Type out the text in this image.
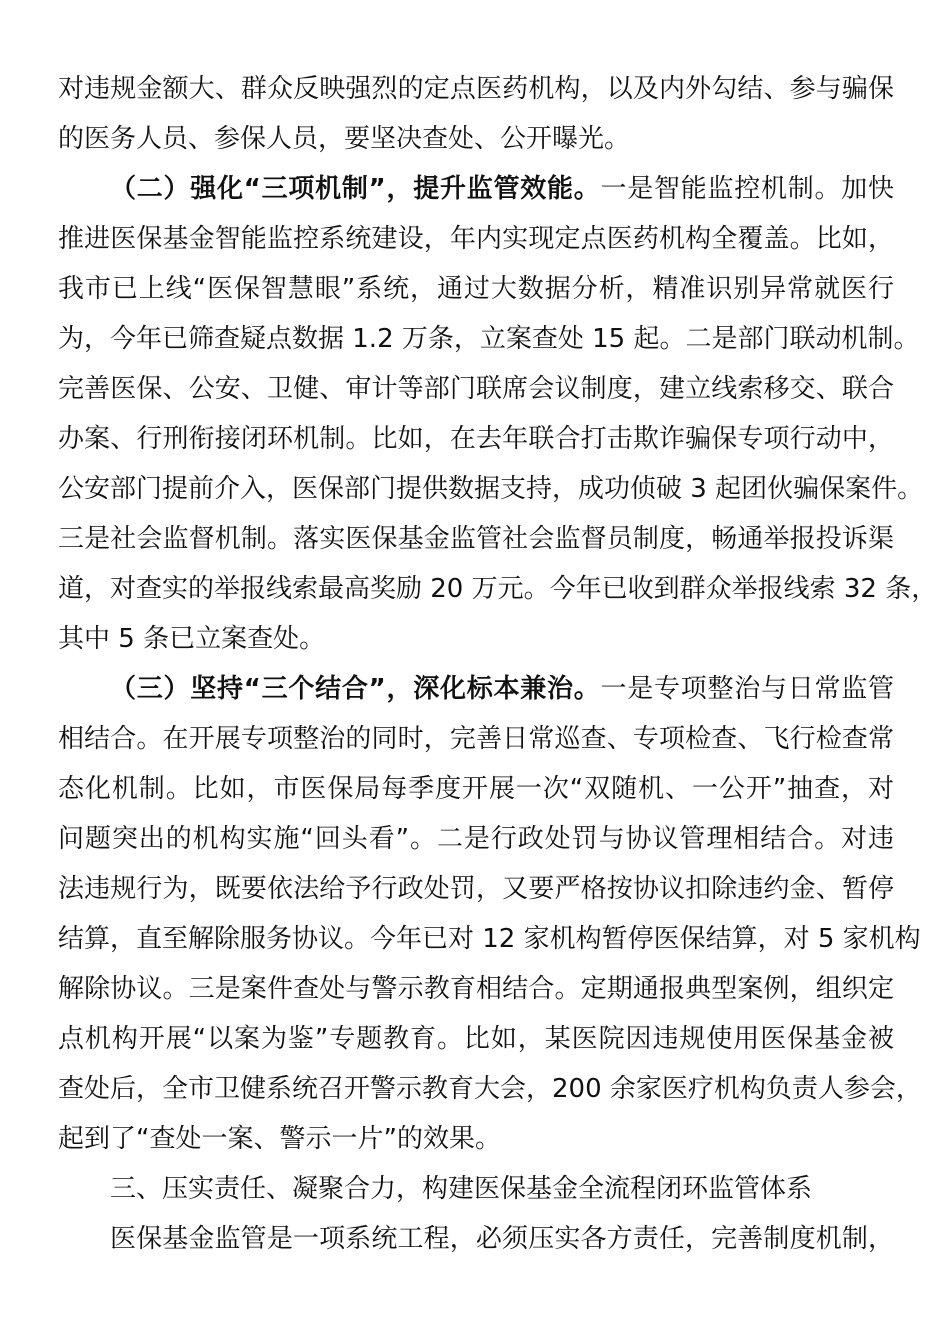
对违规金额大、群众反映强烈的定点医药机构，以及内外勾结、参与骗保
的医务人员、参保人员，要坚决查处、公开曝光。
（二）强化“三项机制”，提升监管效能。一是智能监控机制。加快
推进医保基金智能监控系统建设，年内实现定点医药机构全覆盖。比如，
我市已上线“医保智慧眼”系统，通过大数据分析，精准识别异常就医行
为，今年已筛查疑点数据 1.2 万条，立案查处 15 起。二是部门联动机制。
完善医保、公安、卫健、审计等部门联席会议制度，建立线索移交、联合
办案、行刑衔接闭环机制。比如，在去年联合打击欺诈骗保专项行动中，
公安部门提前介入，医保部门提供数据支持，成功侦破 3 起团伙骗保案件。
三是社会监督机制。落实医保基金监管社会监督员制度，畅通举报投诉渠
道，对查实的举报线索最高奖励 20 万元。今年已收到群众举报线索 32 条，
其中 5 条已立案查处。
（三）坚持“三个结合”，深化标本兼治。一是专项整治与日常监管
相结合。在开展专项整治的同时，完善日常巡查、专项检查、飞行检查常
态化机制。比如，市医保局每季度开展一次“双随机、一公开”抽查，对
问题突出的机构实施“回头看”。二是行政处罚与协议管理相结合。对违
法违规行为，既要依法给予行政处罚，又要严格按协议扣除违约金、暂停
结算，直至解除服务协议。今年已对 12 家机构暂停医保结算，对 5 家机构
解除协议。三是案件查处与警示教育相结合。定期通报典型案例，组织定
点机构开展“以案为鉴”专题教育。比如，某医院因违规使用医保基金被
查处后，全市卫健系统召开警示教育大会，200 余家医疗机构负责人参会，
起到了“查处一案、警示一片”的效果。
三、压实责任、凝聚合力，构建医保基金全流程闭环监管体系
医保基金监管是一项系统工程，必须压实各方责任，完善制度机制，
